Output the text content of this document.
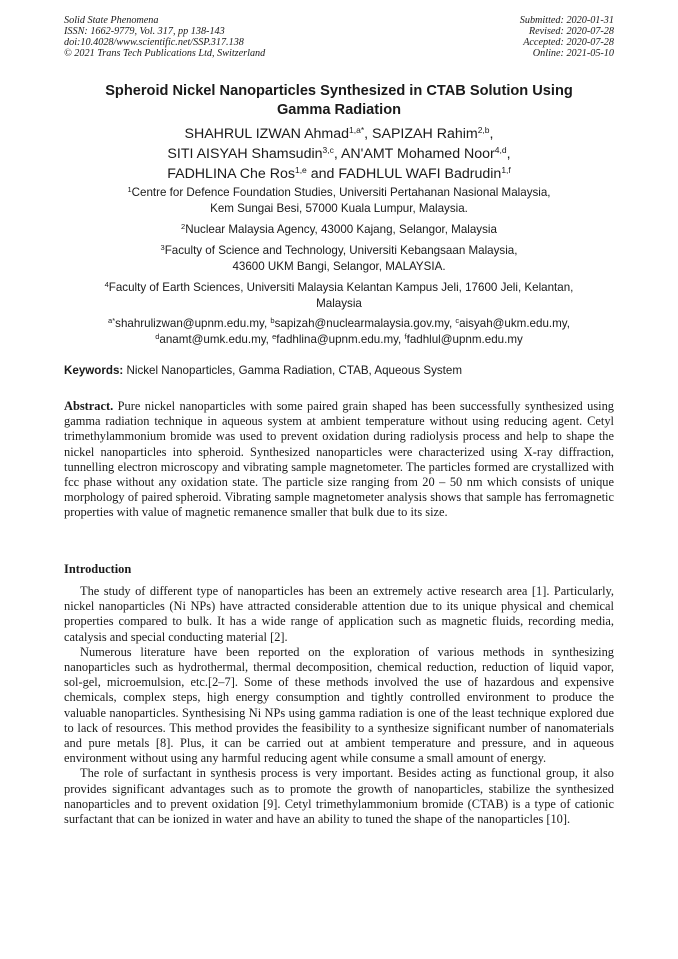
Solid State Phenomena
ISSN: 1662-9779, Vol. 317, pp 138-143
doi:10.4028/www.scientific.net/SSP.317.138
© 2021 Trans Tech Publications Ltd, Switzerland
Submitted: 2020-01-31
Revised: 2020-07-28
Accepted: 2020-07-28
Online: 2021-05-10
Spheroid Nickel Nanoparticles Synthesized in CTAB Solution Using
Gamma Radiation
SHAHRUL IZWAN Ahmad$^{1,a*}$, SAPIZAH Rahim$^{2,b}$,
SITI AISYAH Shamsudin$^{3,c}$, AN'AMT Mohamed Noor$^{4,d}$,
FADHLINA Che Ros$^{1,e}$ and FADHLUL WAFI Badrudin$^{1,f}$
$^1$Centre for Defence Foundation Studies, Universiti Pertahanan Nasional Malaysia,
Kem Sungai Besi, 57000 Kuala Lumpur, Malaysia.
$^2$Nuclear Malaysia Agency, 43000 Kajang, Selangor, Malaysia
$^3$Faculty of Science and Technology, Universiti Kebangsaan Malaysia,
43600 UKM Bangi, Selangor, MALAYSIA.
$^4$Faculty of Earth Sciences, Universiti Malaysia Kelantan Kampus Jeli, 17600 Jeli, Kelantan,
Malaysia
$^{a*}$shahrulizwan@upnm.edu.my, $^b$sapizah@nuclearmalaysia.gov.my, $^c$aisyah@ukm.edu.my,
$^d$anamt@umk.edu.my, $^e$fadhlina@upnm.edu.my, $^f$fadhlul@upnm.edu.my
Keywords: Nickel Nanoparticles, Gamma Radiation, CTAB, Aqueous System
Abstract. Pure nickel nanoparticles with some paired grain shaped has been successfully synthesized using gamma radiation technique in aqueous system at ambient temperature without using reducing agent. Cetyl trimethylammonium bromide was used to prevent oxidation during radiolysis process and help to shape the nickel nanoparticles into spheroid. Synthesized nanoparticles were characterized using X-ray diffraction, tunnelling electron microscopy and vibrating sample magnetometer. The particles formed are crystallized with fcc phase without any oxidation state. The particle size ranging from 20 – 50 nm which consists of unique morphology of paired spheroid. Vibrating sample magnetometer analysis shows that sample has ferromagnetic properties with value of magnetic remanence smaller that bulk due to its size.
Introduction
The study of different type of nanoparticles has been an extremely active research area [1]. Particularly, nickel nanoparticles (Ni NPs) have attracted considerable attention due to its unique physical and chemical properties compared to bulk. It has a wide range of application such as magnetic fluids, recording media, catalysis and special conducting material [2].
Numerous literature have been reported on the exploration of various methods in synthesizing nanoparticles such as hydrothermal, thermal decomposition, chemical reduction, reduction of liquid vapor, sol-gel, microemulsion, etc.[2–7]. Some of these methods involved the use of hazardous and expensive chemicals, complex steps, high energy consumption and tightly controlled environment to produce the valuable nanoparticles. Synthesising Ni NPs using gamma radiation is one of the least technique explored due to lack of resources. This method provides the feasibility to a synthesize significant number of nanomaterials and pure metals [8]. Plus, it can be carried out at ambient temperature and pressure, and in aqueous environment without using any harmful reducing agent while consume a small amount of energy.
The role of surfactant in synthesis process is very important. Besides acting as functional group, it also provides significant advantages such as to promote the growth of nanoparticles, stabilize the synthesized nanoparticles and to prevent oxidation [9]. Cetyl trimethylammonium bromide (CTAB) is a type of cationic surfactant that can be ionized in water and have an ability to tuned the shape of the nanoparticles [10].
